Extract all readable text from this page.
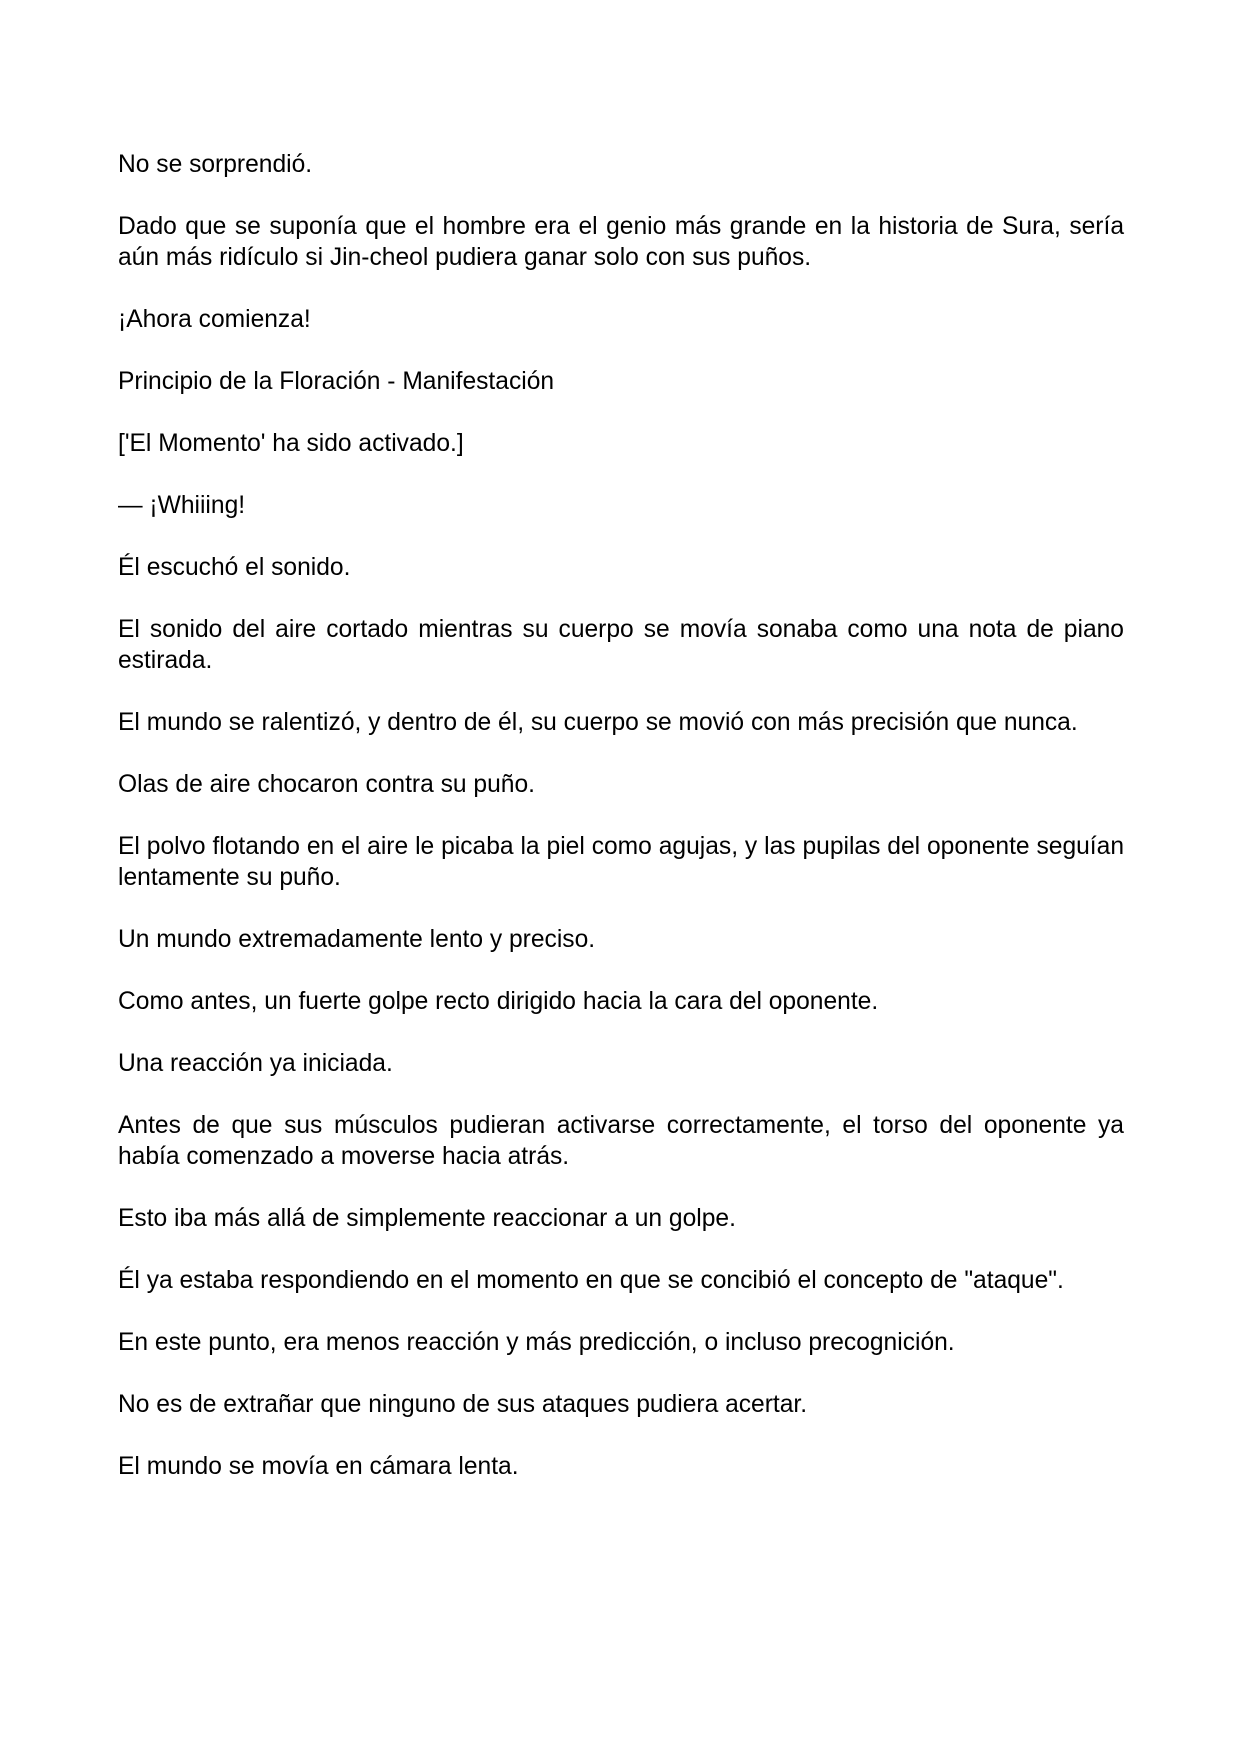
No se sorprendió.

Dado que se suponía que el hombre era el genio más grande en la historia de Sura, sería aún más ridículo si Jin-cheol pudiera ganar solo con sus puños.

¡Ahora comienza!

Principio de la Floración - Manifestación

['El Momento' ha sido activado.]

— ¡Whiiing!

Él escuchó el sonido.

El sonido del aire cortado mientras su cuerpo se movía sonaba como una nota de piano estirada.

El mundo se ralentizó, y dentro de él, su cuerpo se movió con más precisión que nunca.

Olas de aire chocaron contra su puño.

El polvo flotando en el aire le picaba la piel como agujas, y las pupilas del oponente seguían lentamente su puño.

Un mundo extremadamente lento y preciso.

Como antes, un fuerte golpe recto dirigido hacia la cara del oponente.

Una reacción ya iniciada.

Antes de que sus músculos pudieran activarse correctamente, el torso del oponente ya había comenzado a moverse hacia atrás.

Esto iba más allá de simplemente reaccionar a un golpe.

Él ya estaba respondiendo en el momento en que se concibió el concepto de "ataque".

En este punto, era menos reacción y más predicción, o incluso precognición.

No es de extrañar que ninguno de sus ataques pudiera acertar.

El mundo se movía en cámara lenta.
